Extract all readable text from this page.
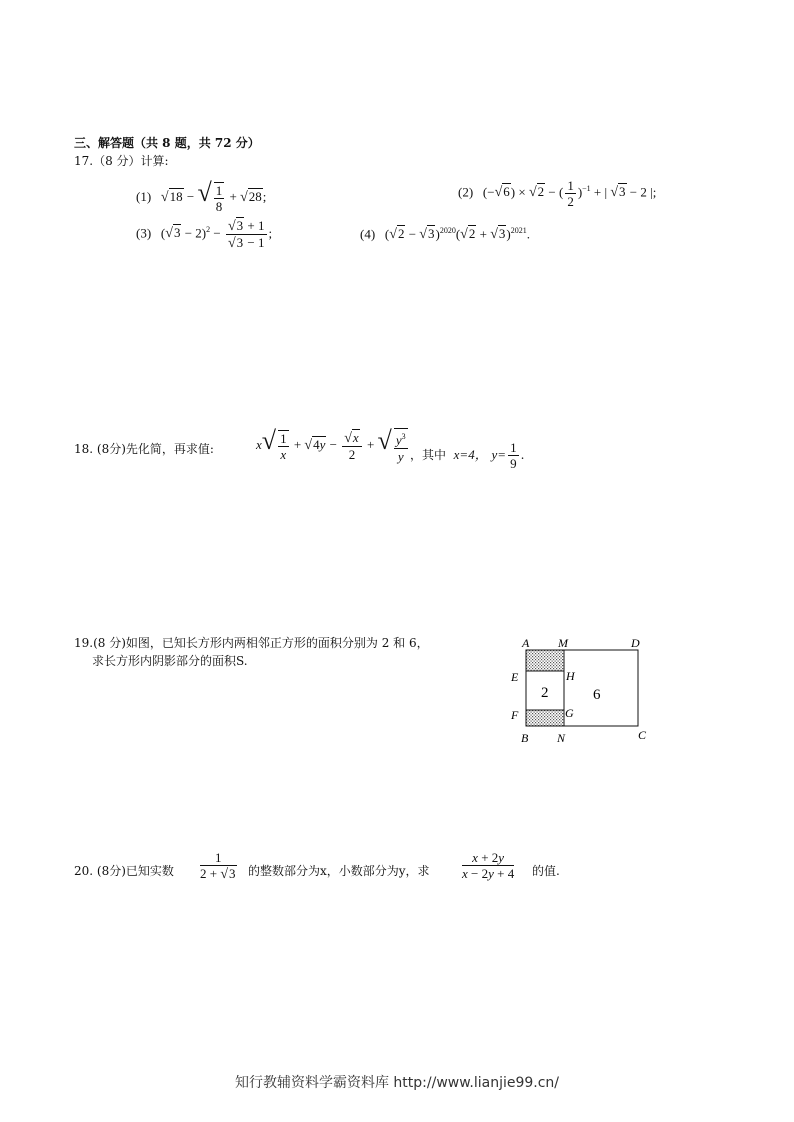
三、解答题（共 8 题，共 72 分）
17.（8 分）计算:
(1) √18 − √ $\frac{1}{8} + √28$;	(2)   (−√6) × √2 − ( $\frac{1}{2} )^{-1}$ + | √3 − 2 |;
(3)   $(√3 - 2)^2 - \frac{√3 + 1}{√3 - 1}$ ;	(4)   $(√2 - √3)^{2020}(√2 + √3)^{2021}$.
18. (8分)先化简，再求值:	$x√ \frac{1}{x} + √4y - \frac{√x}{2}$ + √ $\frac{y^3}{y}$ ，其中 x=4， $y= \frac{1}{9}$ .
19.(8 分)如图，已知长方形内两相邻正方形的面积分别为 2 和 6，
求长方形内阴影部分的面积S.
2	6
A M	D
E	H
F	G
B N	C
20. (8分)已知实数 $\frac{1}{2 + √3}$ 的整数部分为x，小数部分为y，求 $\frac{x + 2y}{x - 2y + 4}$ 的值.
知行教辅资料学霸资料库 http://www.lianjie99.cn/
